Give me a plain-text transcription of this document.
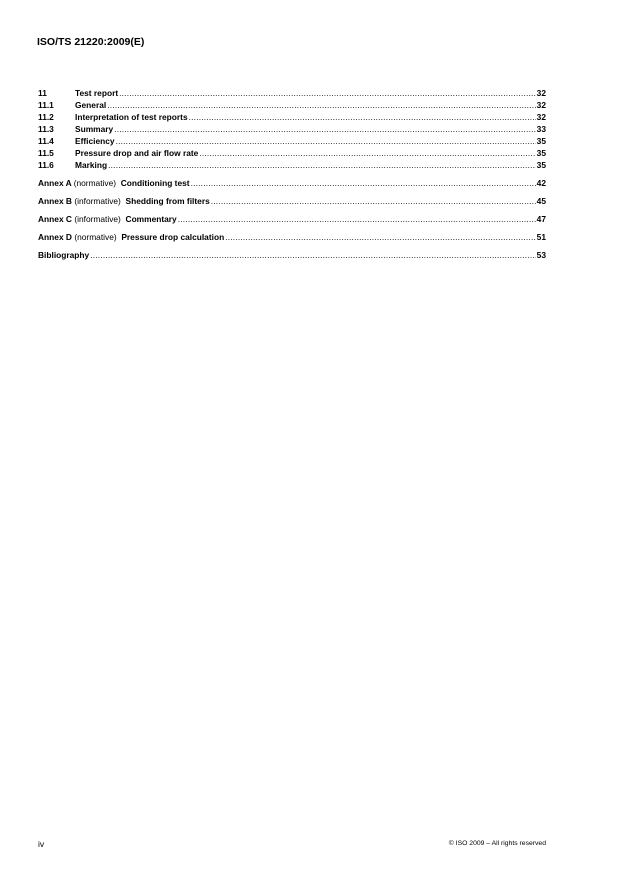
ISO/TS 21220:2009(E)
11	Test report .....	32
11.1	General .....	32
11.2	Interpretation of test reports .....	32
11.3	Summary .....	33
11.4	Efficiency .....	35
11.5	Pressure drop and air flow rate .....	35
11.6	Marking .....	35
Annex A (normative) Conditioning test .....	42
Annex B (informative) Shedding from filters .....	45
Annex C (informative) Commentary .....	47
Annex D (normative) Pressure drop calculation .....	51
Bibliography .....	53
iv	© ISO 2009 – All rights reserved
